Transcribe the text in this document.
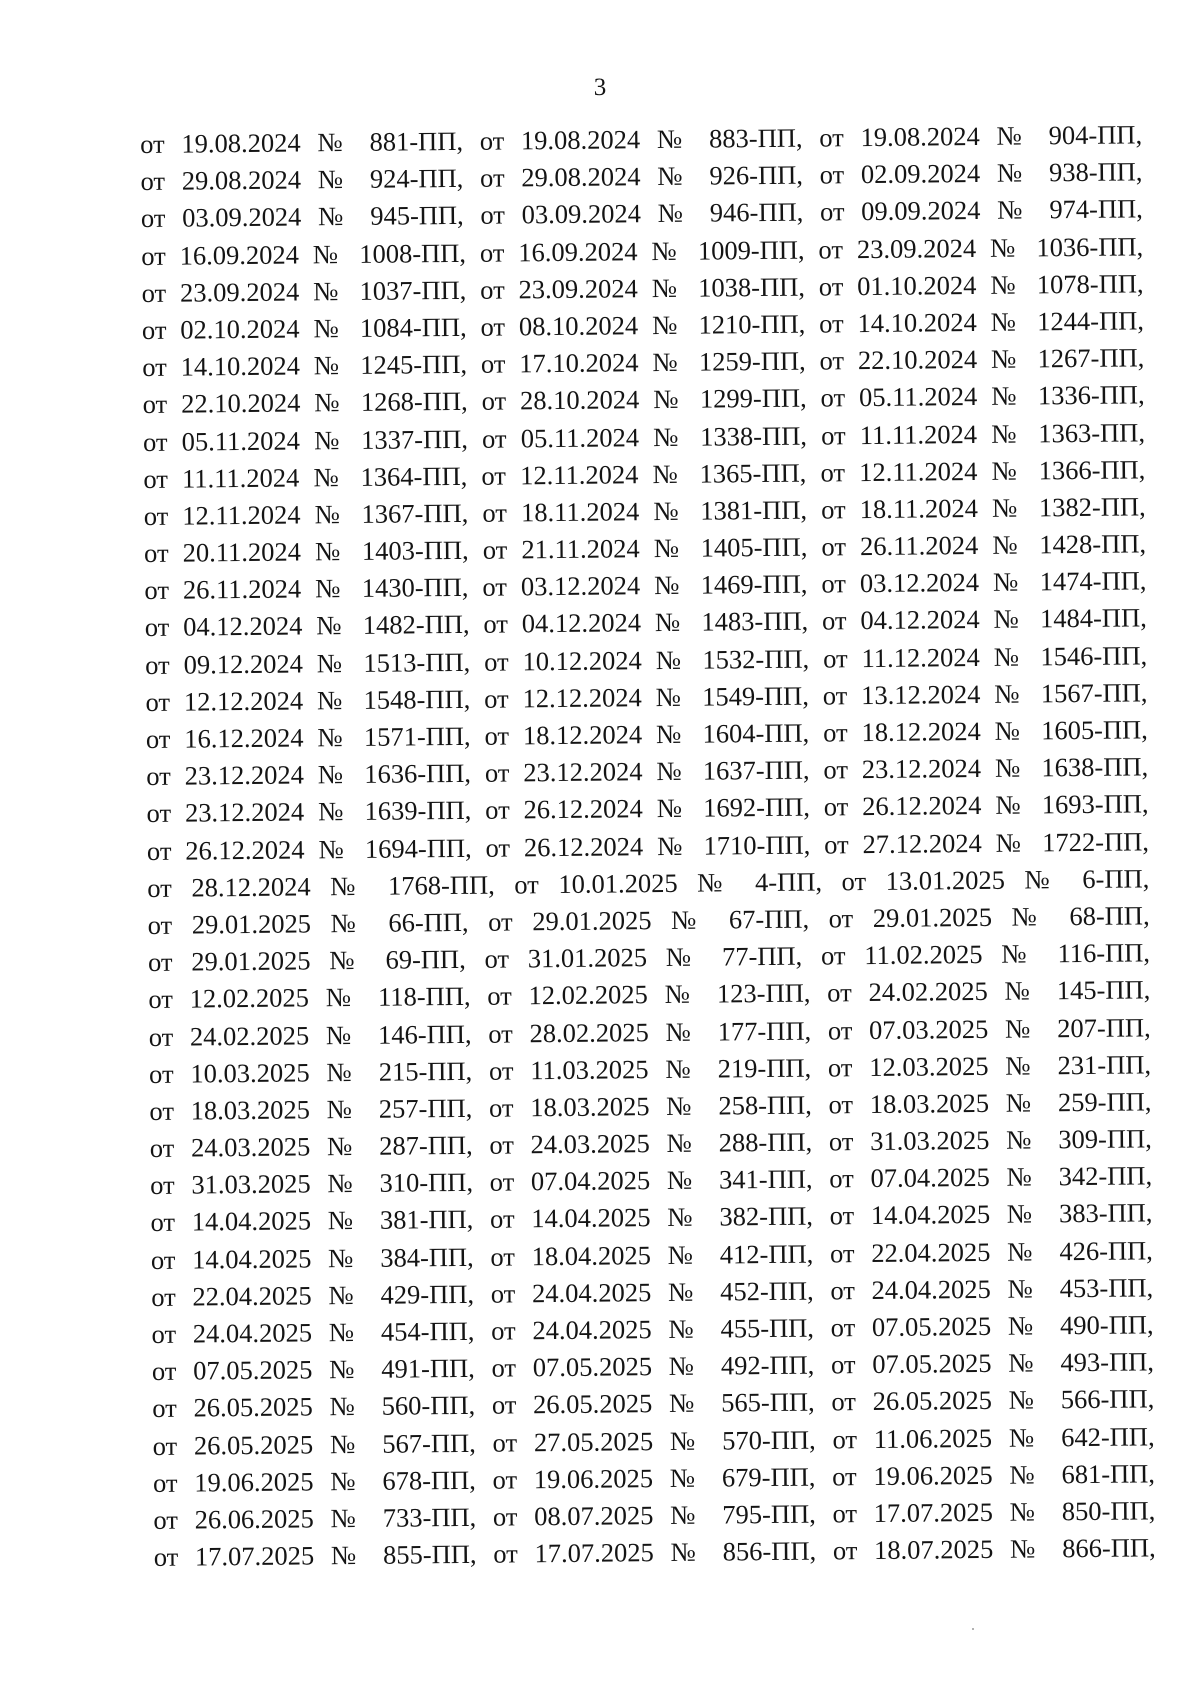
3
от 19.08.2024 № 881-ПП, от 19.08.2024 № 883-ПП, от 19.08.2024 № 904-ПП,
от 29.08.2024 № 924-ПП, от 29.08.2024 № 926-ПП, от 02.09.2024 № 938-ПП,
от 03.09.2024 № 945-ПП, от 03.09.2024 № 946-ПП, от 09.09.2024 № 974-ПП,
от 16.09.2024 № 1008-ПП, от 16.09.2024 № 1009-ПП, от 23.09.2024 № 1036-ПП,
от 23.09.2024 № 1037-ПП, от 23.09.2024 № 1038-ПП, от 01.10.2024 № 1078-ПП,
от 02.10.2024 № 1084-ПП, от 08.10.2024 № 1210-ПП, от 14.10.2024 № 1244-ПП,
от 14.10.2024 № 1245-ПП, от 17.10.2024 № 1259-ПП, от 22.10.2024 № 1267-ПП,
от 22.10.2024 № 1268-ПП, от 28.10.2024 № 1299-ПП, от 05.11.2024 № 1336-ПП,
от 05.11.2024 № 1337-ПП, от 05.11.2024 № 1338-ПП, от 11.11.2024 № 1363-ПП,
от 11.11.2024 № 1364-ПП, от 12.11.2024 № 1365-ПП, от 12.11.2024 № 1366-ПП,
от 12.11.2024 № 1367-ПП, от 18.11.2024 № 1381-ПП, от 18.11.2024 № 1382-ПП,
от 20.11.2024 № 1403-ПП, от 21.11.2024 № 1405-ПП, от 26.11.2024 № 1428-ПП,
от 26.11.2024 № 1430-ПП, от 03.12.2024 № 1469-ПП, от 03.12.2024 № 1474-ПП,
от 04.12.2024 № 1482-ПП, от 04.12.2024 № 1483-ПП, от 04.12.2024 № 1484-ПП,
от 09.12.2024 № 1513-ПП, от 10.12.2024 № 1532-ПП, от 11.12.2024 № 1546-ПП,
от 12.12.2024 № 1548-ПП, от 12.12.2024 № 1549-ПП, от 13.12.2024 № 1567-ПП,
от 16.12.2024 № 1571-ПП, от 18.12.2024 № 1604-ПП, от 18.12.2024 № 1605-ПП,
от 23.12.2024 № 1636-ПП, от 23.12.2024 № 1637-ПП, от 23.12.2024 № 1638-ПП,
от 23.12.2024 № 1639-ПП, от 26.12.2024 № 1692-ПП, от 26.12.2024 № 1693-ПП,
от 26.12.2024 № 1694-ПП, от 26.12.2024 № 1710-ПП, от 27.12.2024 № 1722-ПП,
от 28.12.2024 № 1768-ПП, от 10.01.2025 № 4-ПП, от 13.01.2025 № 6-ПП,
от 29.01.2025 № 66-ПП, от 29.01.2025 № 67-ПП, от 29.01.2025 № 68-ПП,
от 29.01.2025 № 69-ПП, от 31.01.2025 № 77-ПП, от 11.02.2025 № 116-ПП,
от 12.02.2025 № 118-ПП, от 12.02.2025 № 123-ПП, от 24.02.2025 № 145-ПП,
от 24.02.2025 № 146-ПП, от 28.02.2025 № 177-ПП, от 07.03.2025 № 207-ПП,
от 10.03.2025 № 215-ПП, от 11.03.2025 № 219-ПП, от 12.03.2025 № 231-ПП,
от 18.03.2025 № 257-ПП, от 18.03.2025 № 258-ПП, от 18.03.2025 № 259-ПП,
от 24.03.2025 № 287-ПП, от 24.03.2025 № 288-ПП, от 31.03.2025 № 309-ПП,
от 31.03.2025 № 310-ПП, от 07.04.2025 № 341-ПП, от 07.04.2025 № 342-ПП,
от 14.04.2025 № 381-ПП, от 14.04.2025 № 382-ПП, от 14.04.2025 № 383-ПП,
от 14.04.2025 № 384-ПП, от 18.04.2025 № 412-ПП, от 22.04.2025 № 426-ПП,
от 22.04.2025 № 429-ПП, от 24.04.2025 № 452-ПП, от 24.04.2025 № 453-ПП,
от 24.04.2025 № 454-ПП, от 24.04.2025 № 455-ПП, от 07.05.2025 № 490-ПП,
от 07.05.2025 № 491-ПП, от 07.05.2025 № 492-ПП, от 07.05.2025 № 493-ПП,
от 26.05.2025 № 560-ПП, от 26.05.2025 № 565-ПП, от 26.05.2025 № 566-ПП,
от 26.05.2025 № 567-ПП, от 27.05.2025 № 570-ПП, от 11.06.2025 № 642-ПП,
от 19.06.2025 № 678-ПП, от 19.06.2025 № 679-ПП, от 19.06.2025 № 681-ПП,
от 26.06.2025 № 733-ПП, от 08.07.2025 № 795-ПП, от 17.07.2025 № 850-ПП,
от 17.07.2025 № 855-ПП, от 17.07.2025 № 856-ПП, от 18.07.2025 № 866-ПП,
